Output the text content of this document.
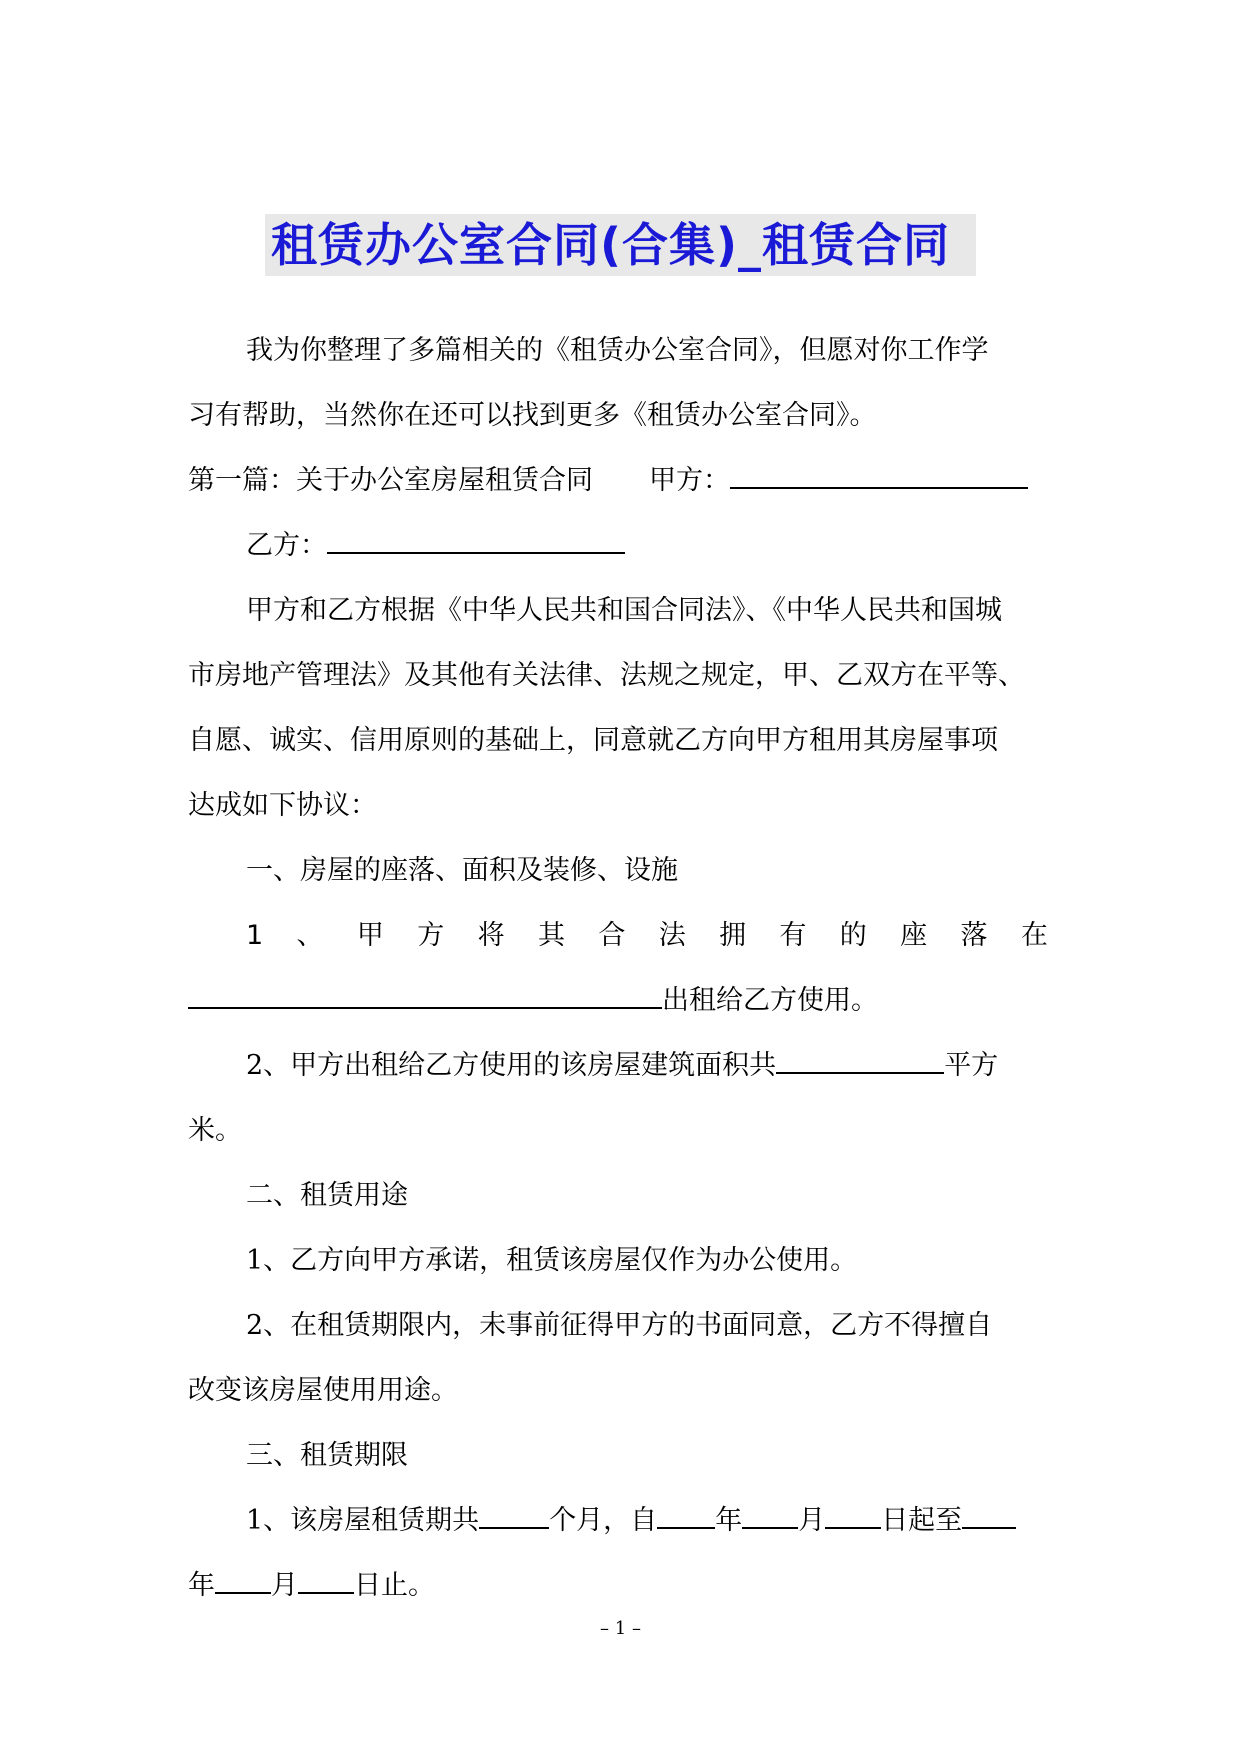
租赁办公室合同(合集)_租赁合同

我为你整理了多篇相关的《租赁办公室合同》，但愿对你工作学

习有帮助，当然你在还可以找到更多《租赁办公室合同》。

第一篇：关于办公室房屋租赁合同 甲方：

乙方：

甲方和乙方根据《中华人民共和国合同法》、《中华人民共和国城

市房地产管理法》及其他有关法律、法规之规定，甲、乙双方在平等、

自愿、诚实、信用原则的基础上，同意就乙方向甲方租用其房屋事项

达成如下协议：

一、房屋的座落、面积及装修、设施

1 、 甲 方 将 其 合 法 拥 有 的 座 落 在

出租给乙方使用。

2、甲方出租给乙方使用的该房屋建筑面积共	平方

米。

二、租赁用途

1、乙方向甲方承诺，租赁该房屋仅作为办公使用。

2、在租赁期限内，未事前征得甲方的书面同意，乙方不得擅自

改变该房屋使用用途。

三、租赁期限

1、该房屋租赁期共	个月，自 年 月 日起至

年 月 日止。

– 1 –
